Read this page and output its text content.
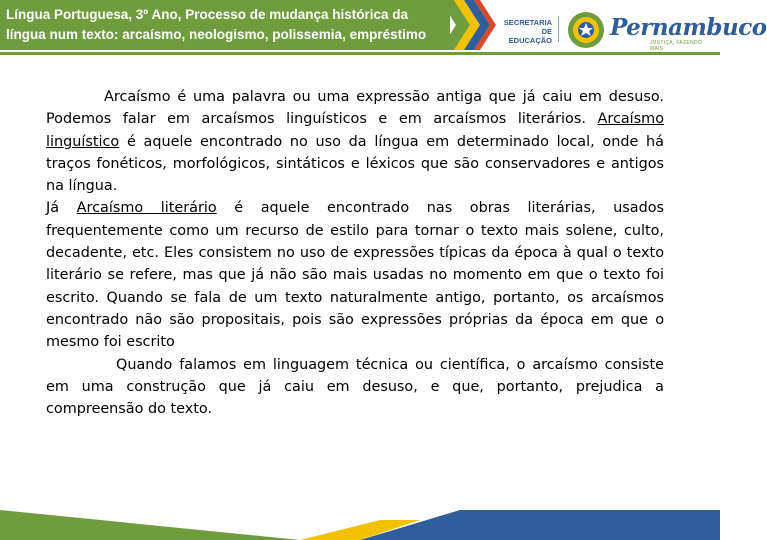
Língua Portuguesa, 3º Ano, Processo de mudança histórica da
língua num texto: arcaísmo, neologismo, polissemia, empréstimo
SECRETARIA
DE EDUCAÇÃO	Pernambuco
JUSTIÇA, FAZENDO MAIS

Arcaísmo é uma palavra ou uma expressão antiga que já caiu em desuso. Podemos falar em arcaísmos linguísticos e em arcaísmos literários. Arcaísmo linguístico é aquele encontrado no uso da língua em determinado local, onde há traços fonéticos, morfológicos, sintáticos e léxicos que são conservadores e antigos na língua.

Já Arcaísmo literário é aquele encontrado nas obras literárias, usados frequentemente como um recurso de estilo para tornar o texto mais solene, culto, decadente, etc. Eles consistem no uso de expressões típicas da época à qual o texto literário se refere, mas que já não são mais usadas no momento em que o texto foi escrito. Quando se fala de um texto naturalmente antigo, portanto, os arcaísmos encontrado não são propositais, pois são expressões próprias da época em que o mesmo foi escrito

Quando falamos em linguagem técnica ou científica, o arcaísmo consiste em uma construção que já caiu em desuso, e que, portanto, prejudica a compreensão do texto.
